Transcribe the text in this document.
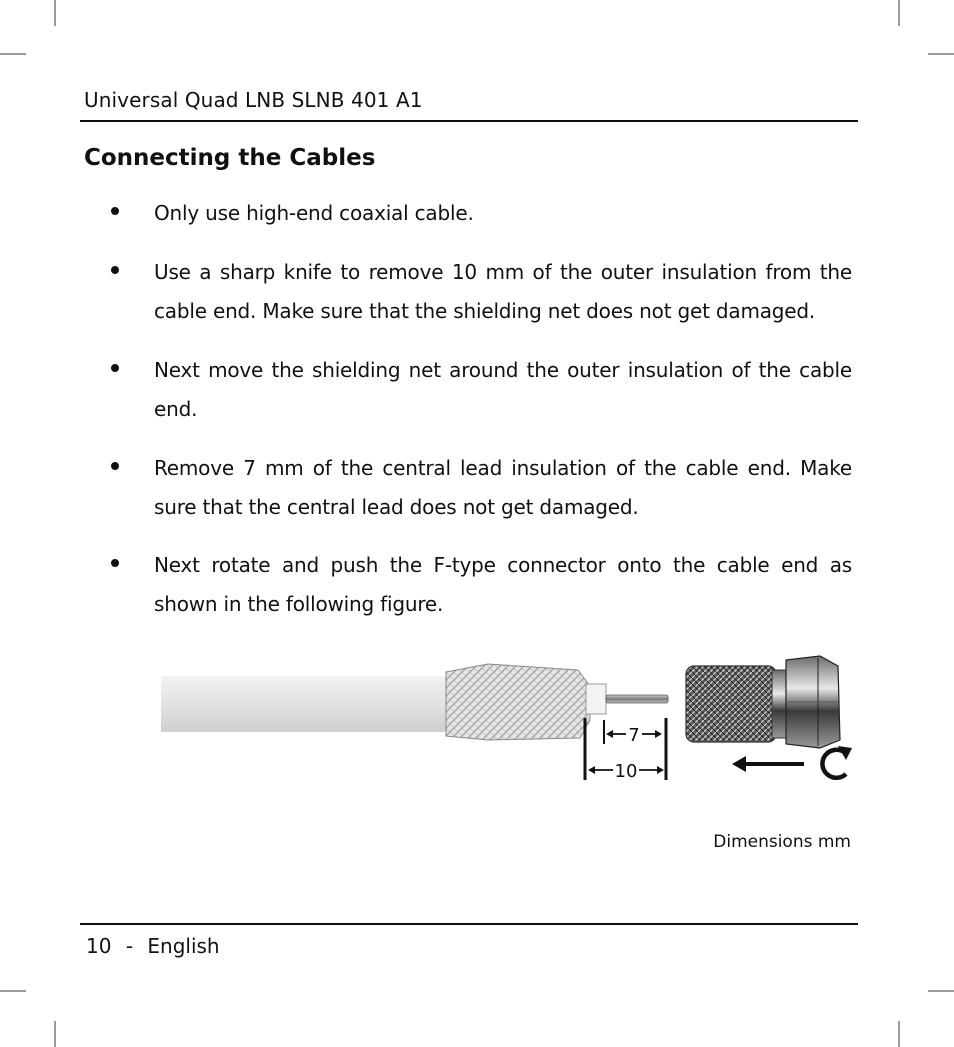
Universal Quad LNB SLNB 401 A1
Connecting the Cables
Only use high-end coaxial cable.
Use a sharp knife to remove 10 mm of the outer insulation from the cable end. Make sure that the shielding net does not get damaged.
Next move the shielding net around the outer insulation of the cable end.
Remove 7 mm of the central lead insulation of the cable end. Make sure that the central lead does not get damaged.
Next rotate and push the F-type connector onto the cable end as shown in the following figure.
7
10
Dimensions mm
10 - English
